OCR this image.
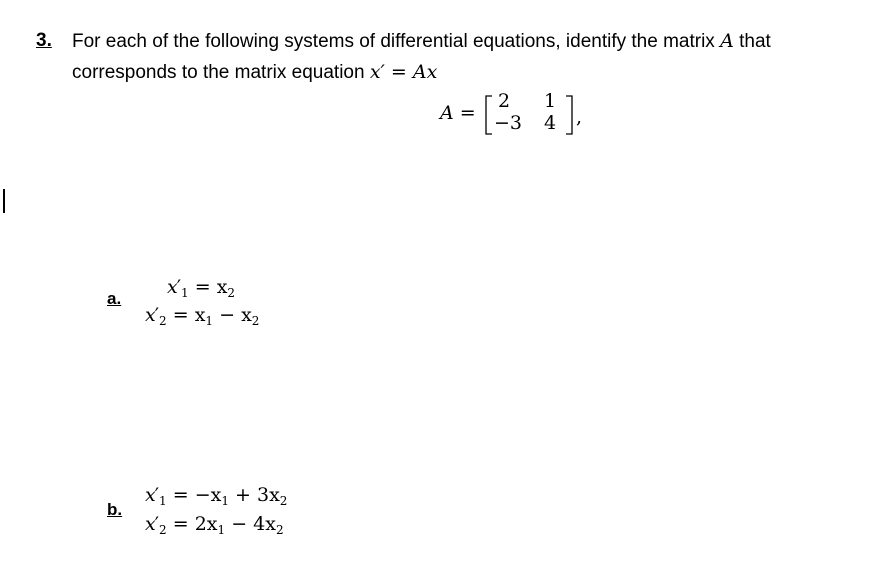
3. For each of the following systems of differential equations, identify the matrix A that
corresponds to the matrix equation x′ = Ax
A =
2 1
−3 4 ,
a.
$x'_1 = x_2$
$x'_2 = x_1 - x_2$
b.
$x'_1 = -x_1 + 3x_2$
$x'_2 = 2x_1 - 4x_2$
